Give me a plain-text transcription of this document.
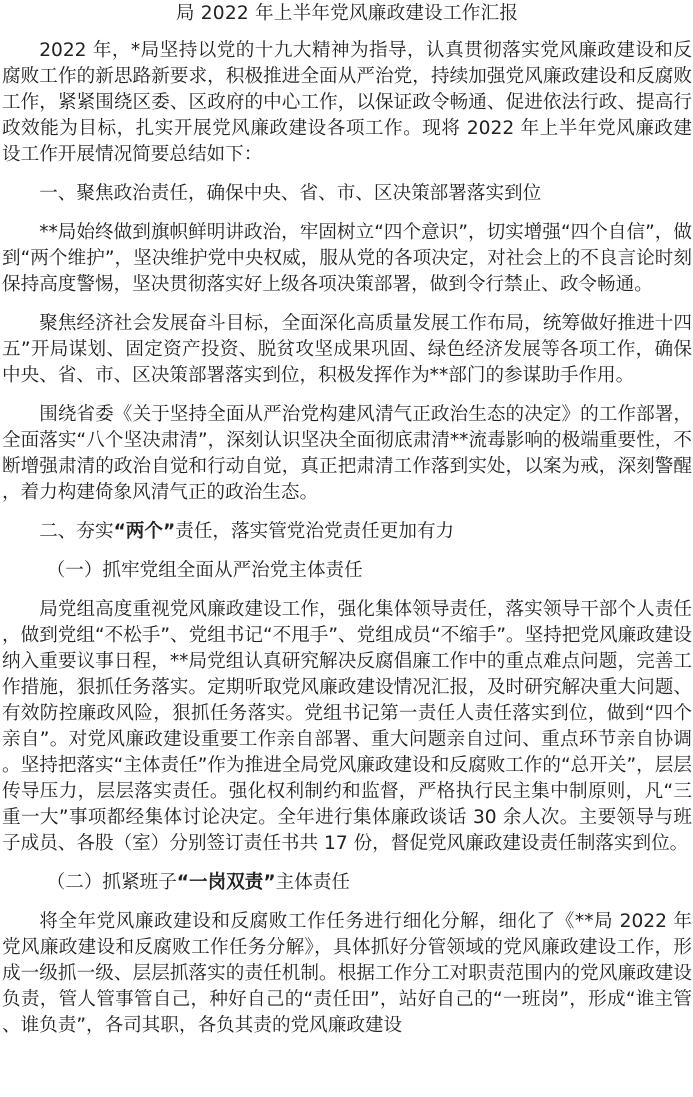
局 2022 年上半年党风廉政建设工作汇报

2022 年，*局坚持以党的十九大精神为指导，认真贯彻落实党风廉政建设和反腐败工作的新思路新要求，积极推进全面从严治党，持续加强党风廉政建设和反腐败工作，紧紧围绕区委、区政府的中心工作，以保证政令畅通、促进依法行政、提高行政效能为目标，扎实开展党风廉政建设各项工作。现将 2022 年上半年党风廉政建设工作开展情况简要总结如下：

一、聚焦政治责任，确保中央、省、市、区决策部署落实到位

**局始终做到旗帜鲜明讲政治，牢固树立“四个意识”，切实增强“四个自信”，做到“两个维护”，坚决维护党中央权威，服从党的各项决定，对社会上的不良言论时刻保持高度警惕，坚决贯彻落实好上级各项决策部署，做到令行禁止、政令畅通。

聚焦经济社会发展奋斗目标，全面深化高质量发展工作布局，统筹做好推进十四五”开局谋划、固定资产投资、脱贫攻坚成果巩固、绿色经济发展等各项工作，确保中央、省、市、区决策部署落实到位，积极发挥作为**部门的参谋助手作用。

围绕省委《关于坚持全面从严治党构建风清气正政治生态的决定》的工作部署，全面落实“八个坚决肃清”，深刻认识坚决全面彻底肃清**流毒影响的极端重要性，不断增强肃清的政治自觉和行动自觉，真正把肃清工作落到实处，以案为戒，深刻警醒，着力构建倚象风清气正的政治生态。

二、夯实“两个”责任，落实管党治党责任更加有力

（一）抓牢党组全面从严治党主体责任

局党组高度重视党风廉政建设工作，强化集体领导责任，落实领导干部个人责任，做到党组“不松手”、党组书记“不甩手”、党组成员“不缩手”。坚持把党风廉政建设纳入重要议事日程，**局党组认真研究解决反腐倡廉工作中的重点难点问题，完善工作措施，狠抓任务落实。定期听取党风廉政建设情况汇报，及时研究解决重大问题、有效防控廉政风险，狠抓任务落实。党组书记第一责任人责任落实到位，做到“四个亲自”。对党风廉政建设重要工作亲自部署、重大问题亲自过问、重点环节亲自协调。坚持把落实“主体责任”作为推进全局党风廉政建设和反腐败工作的“总开关”，层层传导压力，层层落实责任。强化权利制约和监督，严格执行民主集中制原则，凡“三重一大”事项都经集体讨论决定。全年进行集体廉政谈话 30 余人次。主要领导与班子成员、各股（室）分别签订责任书共 17 份，督促党风廉政建设责任制落实到位。

（二）抓紧班子“一岗双责”主体责任

将全年党风廉政建设和反腐败工作任务进行细化分解，细化了《**局 2022 年党风廉政建设和反腐败工作任务分解》，具体抓好分管领域的党风廉政建设工作，形成一级抓一级、层层抓落实的责任机制。根据工作分工对职责范围内的党风廉政建设负责，管人管事管自己，种好自己的“责任田”，站好自己的“一班岗”，形成“谁主管、谁负责”，各司其职，各负其责的党风廉政建设
